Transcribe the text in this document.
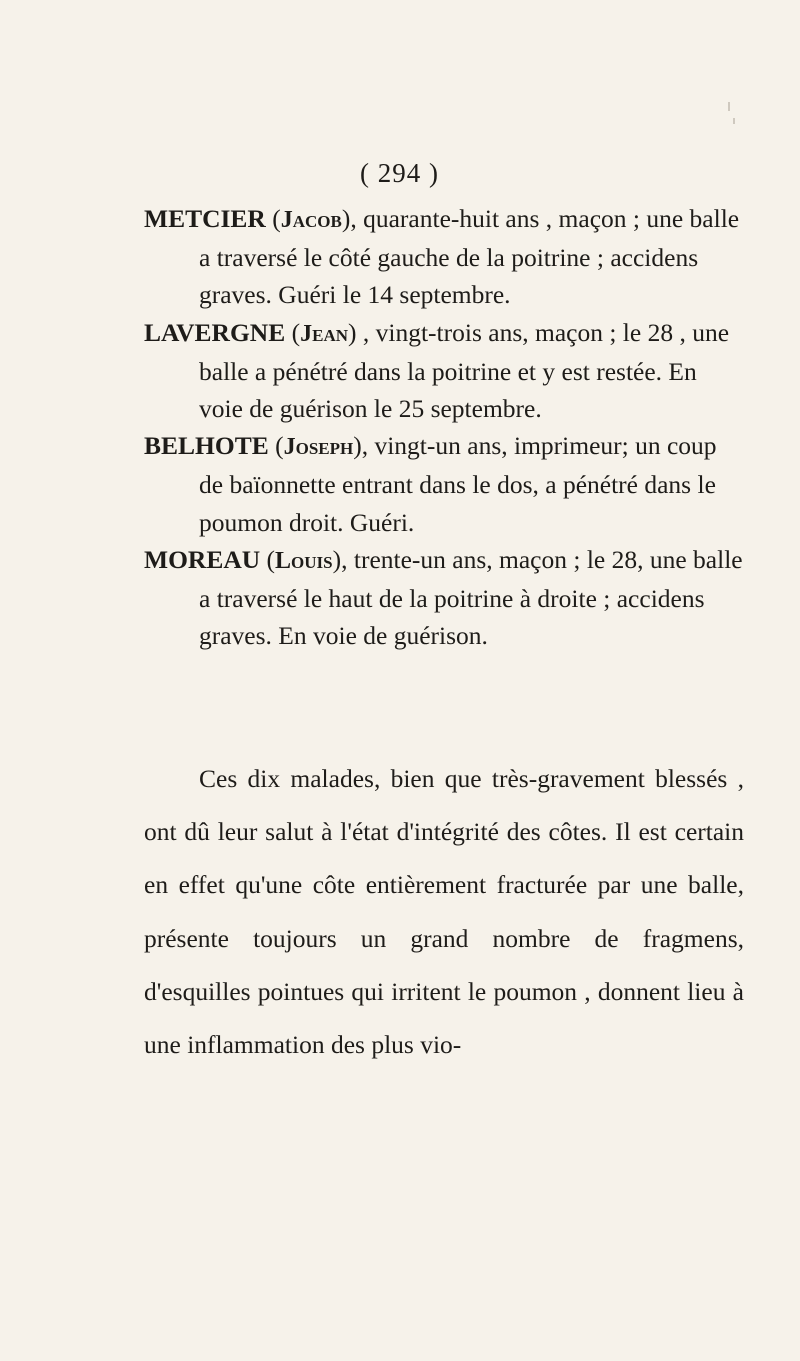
( 294 )

METCIER (Jacob), quarante-huit ans , maçon ; une balle a traversé le côté gauche de la poitrine ; accidens graves. Guéri le 14 septembre.

LAVERGNE (Jean) , vingt-trois ans, maçon ; le 28 , une balle a pénétré dans la poitrine et y est restée. En voie de guérison le 25 septembre.

BELHOTE (Joseph), vingt-un ans, imprimeur; un coup de baïonnette entrant dans le dos, a pénétré dans le poumon droit. Guéri.

MOREAU (Louis), trente-un ans, maçon ; le 28, une balle a traversé le haut de la poitrine à droite ; accidens graves. En voie de guérison.

Ces dix malades, bien que très-gravement blessés , ont dû leur salut à l'état d'intégrité des côtes. Il est certain en effet qu'une côte entièrement fracturée par une balle, présente toujours un grand nombre de fragmens, d'esquilles pointues qui irritent le poumon , donnent lieu à une inflammation des plus vio-
